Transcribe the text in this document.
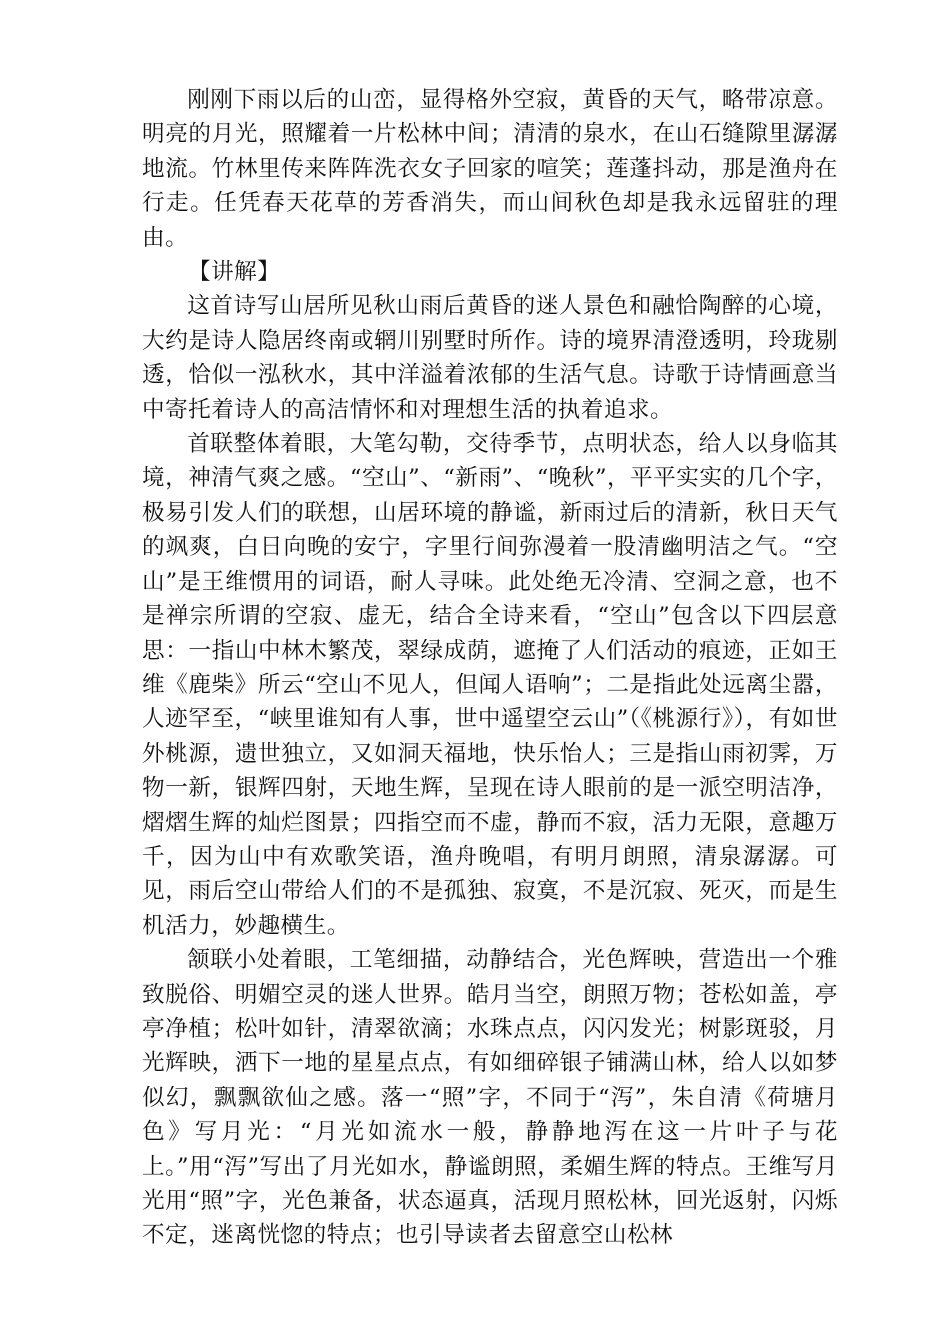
刚刚下雨以后的山峦，显得格外空寂，黄昏的天气，略带凉意。明亮的月光，照耀着一片松林中间；清清的泉水，在山石缝隙里潺潺地流。竹林里传来阵阵洗衣女子回家的喧笑；莲蓬抖动，那是渔舟在行走。任凭春天花草的芳香消失，而山间秋色却是我永远留驻的理由。

【讲解】

这首诗写山居所见秋山雨后黄昏的迷人景色和融恰陶醉的心境，大约是诗人隐居终南或辋川别墅时所作。诗的境界清澄透明，玲珑剔透，恰似一泓秋水，其中洋溢着浓郁的生活气息。诗歌于诗情画意当中寄托着诗人的高洁情怀和对理想生活的执着追求。

首联整体着眼，大笔勾勒，交待季节，点明状态，给人以身临其境，神清气爽之感。“空山”、“新雨”、“晚秋”，平平实实的几个字，极易引发人们的联想，山居环境的静谧，新雨过后的清新，秋日天气的飒爽，白日向晚的安宁，字里行间弥漫着一股清幽明洁之气。“空山”是王维惯用的词语，耐人寻味。此处绝无冷清、空洞之意，也不是禅宗所谓的空寂、虚无，结合全诗来看，“空山”包含以下四层意思：一指山中林木繁茂，翠绿成荫，遮掩了人们活动的痕迹，正如王维《鹿柴》所云“空山不见人，但闻人语响”；二是指此处远离尘嚣，人迹罕至，“峡里谁知有人事，世中遥望空云山”（《桃源行》），有如世外桃源，遗世独立，又如洞天福地，快乐怡人；三是指山雨初霁，万物一新，银辉四射，天地生辉，呈现在诗人眼前的是一派空明洁净，熠熠生辉的灿烂图景；四指空而不虚，静而不寂，活力无限，意趣万千，因为山中有欢歌笑语，渔舟晚唱，有明月朗照，清泉潺潺。可见，雨后空山带给人们的不是孤独、寂寞，不是沉寂、死灭，而是生机活力，妙趣横生。

颔联小处着眼，工笔细描，动静结合，光色辉映，营造出一个雅致脱俗、明媚空灵的迷人世界。皓月当空，朗照万物；苍松如盖，亭亭净植；松叶如针，清翠欲滴；水珠点点，闪闪发光；树影斑驳，月光辉映，洒下一地的星星点点，有如细碎银子铺满山林，给人以如梦似幻，飘飘欲仙之感。落一“照”字，不同于“泻”，朱自清《荷塘月色》写月光：“月光如流水一般，静静地泻在这一片叶子与花上。”用“泻”写出了月光如水，静谧朗照，柔媚生辉的特点。王维写月光用“照”字，光色兼备，状态逼真，活现月照松林，回光返射，闪烁不定，迷离恍惚的特点；也引导读者去留意空山松林
